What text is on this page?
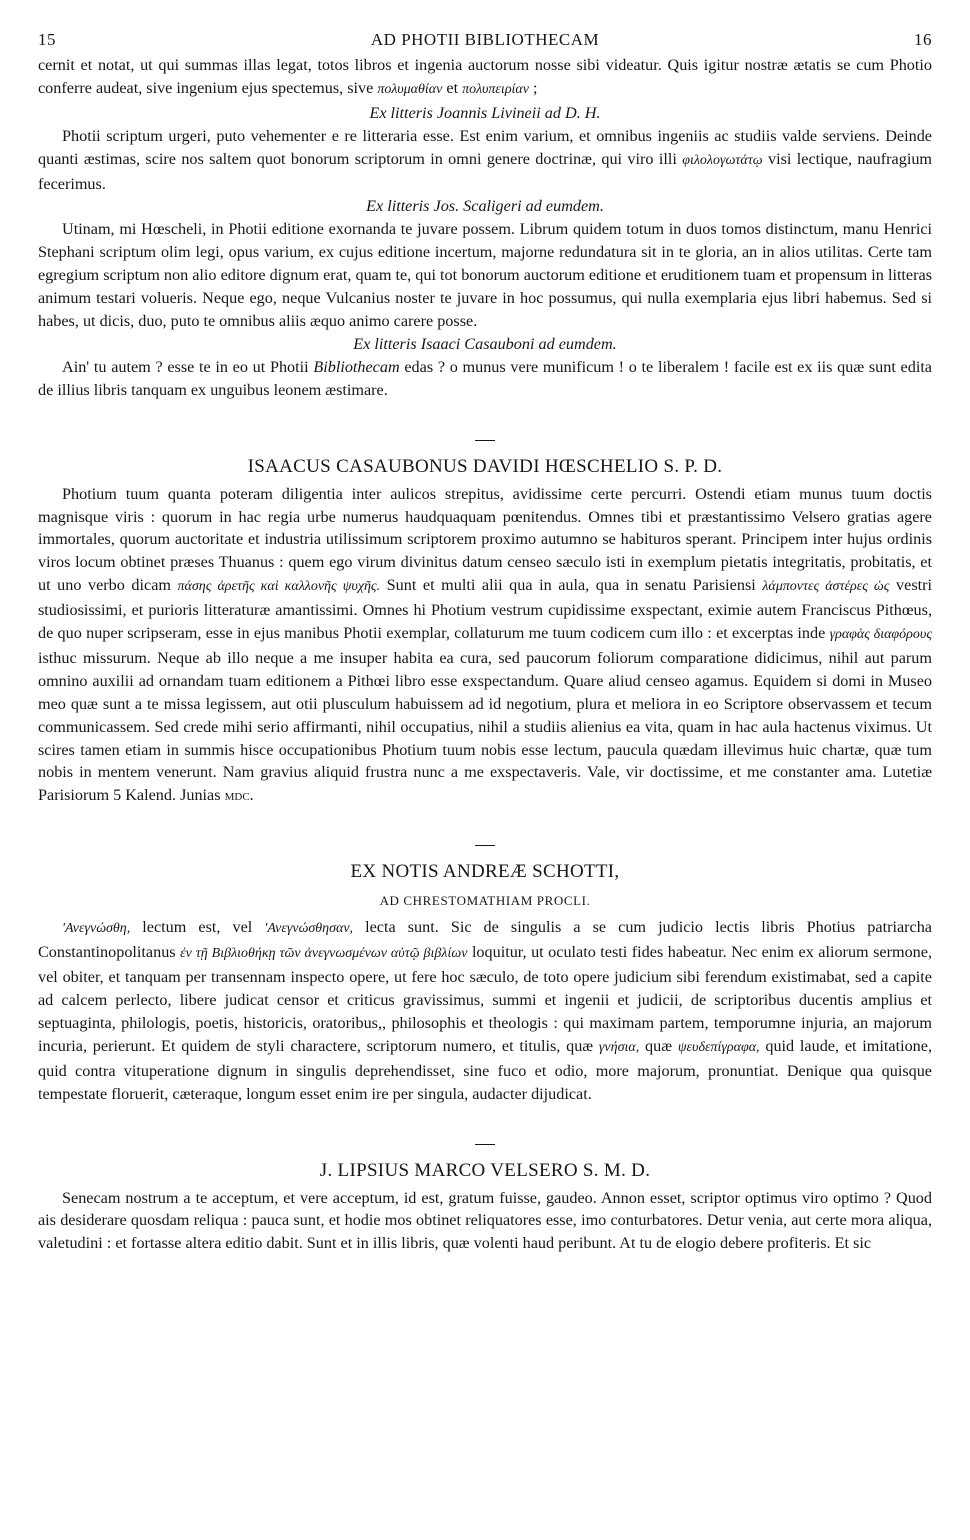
15	AD PHOTII BIBLIOTHECAM	16

cernit et notat, ut qui summas illas legat, totos libros et ingenia auctorum nosse sibi videatur. Quis igitur nostræ ætatis se cum Photio conferre audeat, sive ingenium ejus spectemus, sive πολυμαθίαν et πολυπειρίαν ;

Ex litteris Joannis Livineii ad D. H.

Photii scriptum urgeri, puto vehementer e re litteraria esse. Est enim varium, et omnibus ingeniis ac studiis valde serviens. Deinde quanti æstimas, scire nos saltem quot bonorum scriptorum in omni genere doctrinæ, qui viro illi φιλολογωτάτῳ visi lectique, naufragium fecerimus.

Ex litteris Jos. Scaligeri ad eumdem.

Utinam, mi Hœscheli, in Photii editione exornanda te juvare possem. Librum quidem totum in duos tomos distinctum, manu Henrici Stephani scriptum olim legi, opus varium, ex cujus editione incertum, majorne redundatura sit in te gloria, an in alios utilitas. Certe tam egregium scriptum non alio editore dignum erat, quam te, qui tot bonorum auctorum editione et eruditionem tuam et propensum in litteras animum testari volueris. Neque ego, neque Vulcanius noster te juvare in hoc possumus, qui nulla exemplaria ejus libri habemus. Sed si habes, ut dicis, duo, puto te omnibus aliis æquo animo carere posse.

Ex litteris Isaaci Casauboni ad eumdem.

Ain' tu autem ? esse te in eo ut Photii Bibliothecam edas ? o munus vere munificum ! o te liberalem ! facile est ex iis quæ sunt edita de illius libris tanquam ex unguibus leonem æstimare.

ISAACUS CASAUBONUS DAVIDI HŒSCHELIO S. P. D.

Photium tuum quanta poteram diligentia inter aulicos strepitus, avidissime certe percurri. Ostendi etiam munus tuum doctis magnisque viris : quorum in hac regia urbe numerus haudquaquam pœnitendus. Omnes tibi et præstantissimo Velsero gratias agere immortales, quorum auctoritate et industria utilissimum scriptorem proximo autumno se habituros sperant. Principem inter hujus ordinis viros locum obtinet præses Thuanus : quem ego virum divinitus datum censeo sæculo isti in exemplum pietatis integritatis, probitatis, et ut uno verbo dicam πάσης ἀρετῆς καὶ καλλονῆς ψυχῆς. Sunt et multi alii qua in aula, qua in senatu Parisiensi λάμποντες ἀστέρες ὡς vestri studiosissimi, et purioris litteraturæ amantissimi. Omnes hi Photium vestrum cupidissime exspectant, eximie autem Franciscus Pithœus, de quo nuper scripseram, esse in ejus manibus Photii exemplar, collaturum me tuum codicem cum illo : et excerptas inde γραφὰς διαφόρους isthuc missurum. Neque ab illo neque a me insuper habita ea cura, sed paucorum foliorum comparatione didicimus, nihil aut parum omnino auxilii ad ornandam tuam editionem a Pithœi libro esse exspectandum. Quare aliud censeo agamus. Equidem si domi in Museo meo quæ sunt a te missa legissem, aut otii plusculum habuissem ad id negotium, plura et meliora in eo Scriptore observassem et tecum communicassem. Sed crede mihi serio affirmanti, nihil occupatius, nihil a studiis alienius ea vita, quam in hac aula hactenus viximus. Ut scires tamen etiam in summis hisce occupationibus Photium tuum nobis esse lectum, paucula quædam illevimus huic chartæ, quæ tum nobis in mentem venerunt. Nam gravius aliquid frustra nunc a me exspectaveris. Vale, vir doctissime, et me constanter ama. Lutetiæ Parisiorum 5 Kalend. Junias mdc.

EX NOTIS ANDREÆ SCHOTTI,
AD CHRESTOMATHIAM PROCLI.

'Ανεγνώσθη, lectum est, vel 'Ανεγνώσθησαν, lecta sunt. Sic de singulis a se cum judicio lectis libris Photius patriarcha Constantinopolitanus ἐν τῇ Βιβλιοθήκῃ τῶν ἀνεγνωσμένων αὐτῷ βιβλίων loquitur, ut oculato testi fides habeatur. Nec enim ex aliorum sermone, vel obiter, et tanquam per transennam inspecto opere, ut fere hoc sæculo, de toto opere judicium sibi ferendum existimabat, sed a capite ad calcem perlecto, libere judicat censor et criticus gravissimus, summi et ingenii et judicii, de scriptoribus ducentis amplius et septuaginta, philologis, poetis, historicis, oratoribus,, philosophis et theologis : qui maximam partem, temporumne injuria, an majorum incuria, perierunt. Et quidem de styli charactere, scriptorum numero, et titulis, quæ γνήσια, quæ ψευδεπίγραφα, quid laude, et imitatione, quid contra vituperatione dignum in singulis deprehendisset, sine fuco et odio, more majorum, pronuntiat. Denique qua quisque tempestate floruerit, cæteraque, longum esset enim ire per singula, audacter dijudicat.

J. LIPSIUS MARCO VELSERO S. M. D.

Senecam nostrum a te acceptum, et vere acceptum, id est, gratum fuisse, gaudeo. Annon esset, scriptor optimus viro optimo ? Quod ais desiderare quosdam reliqua : pauca sunt, et hodie mos obtinet reliquatores esse, imo conturbatores. Detur venia, aut certe mora aliqua, valetudini : et fortasse altera editio dabit. Sunt et in illis libris, quæ volenti haud peribunt. At tu de elogio debere profiteris. Et sic
